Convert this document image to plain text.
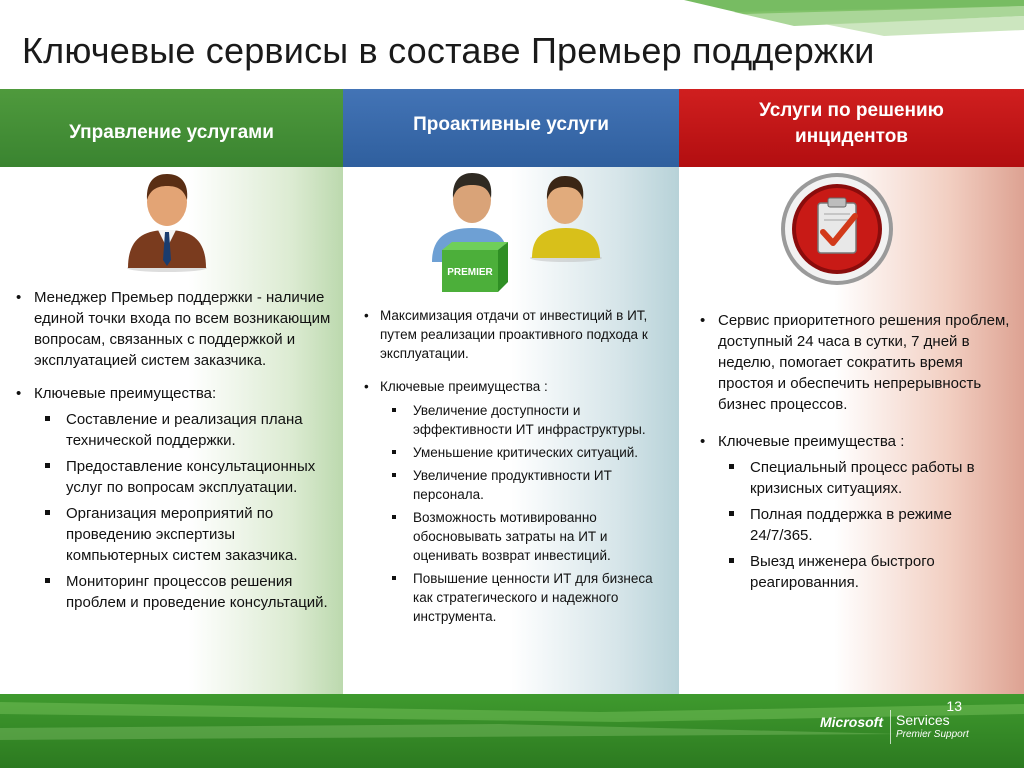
Ключевые сервисы в составе Премьер поддержки
Управление услугами	Проактивные услуги
Услуги по решению инцидентов
PREMIER
• Менеджер Премьер поддержки - наличие единой точки входа по всем возникающим вопросам, связанных с поддержкой и эксплуатацией систем заказчика.
• Ключевые преимущества:
Составление и реализация плана технической поддержки.
Предоставление консультационных услуг по вопросам эксплуатации.
Организация мероприятий по проведению экспертизы компьютерных систем заказчика.
Мониторинг процессов решения проблем и проведение консультаций.
• Максимизация отдачи от инвестиций в ИТ, путем реализации проактивного подхода к эксплуатации.
• Ключевые преимущества :
Увеличение доступности и эффективности ИТ инфраструктуры.
Уменьшение критических ситуаций.
Увеличение продуктивности ИТ персонала.
Возможность мотивированно обосновывать затраты на ИТ и оценивать возврат инвестиций.
Повышение ценности ИТ для бизнеса как стратегического и надежного инструмента.
• Сервис приоритетного решения проблем, доступный 24 часа в сутки, 7 дней в неделю, помогает сократить время простоя и обеспечить непрерывность бизнес процессов.
• Ключевые преимущества :
Специальный процесс работы в кризисных ситуациях.
Полная поддержка в режиме 24/7/365.
Выезд инженера быстрого реагированния.
13
Microsoft Services
Premier Support
